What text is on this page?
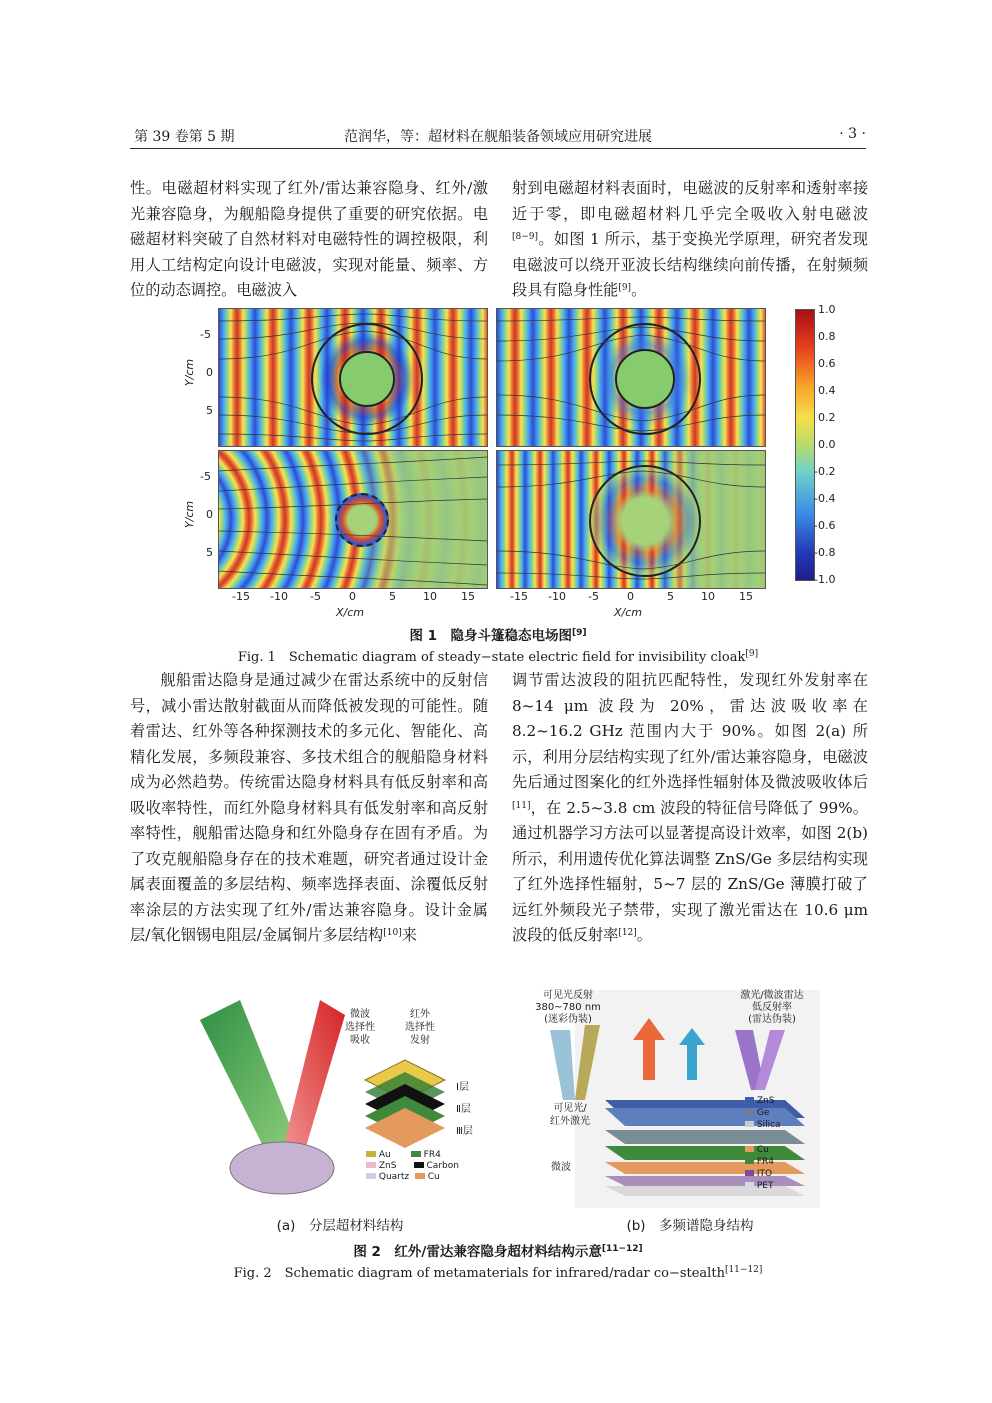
第 39 卷第 5 期	范润华，等：超材料在舰船装备领域应用研究进展	· 3 ·

性。电磁超材料实现了红外/雷达兼容隐身、红外/激光兼容隐身，为舰船隐身提供了重要的研究依据。电磁超材料突破了自然材料对电磁特性的调控极限，利用人工结构定向设计电磁波，实现对能量、频率、方位的动态调控。电磁波入

射到电磁超材料表面时，电磁波的反射率和透射率接近于零，即电磁超材料几乎完全吸收入射电磁波[8−9]。如图 1 所示，基于变换光学原理，研究者发现电磁波可以绕开亚波长结构继续向前传播，在射频频段具有隐身性能[9]。

Y/cm
Y/cm
-5
0
5
-5
0
5
-15 -10 -5	0	5 10 15
X/cm
-15 -10 -5	0	5 10 15
X/cm
1.0
0.8
0.6
0.4
0.2
0.0
-0.2
-0.4
-0.6
-0.8
-1.0
图 1　隐身斗篷稳态电场图[9]
Fig. 1　Schematic diagram of steady−state electric field for invisibility cloak[9]

舰船雷达隐身是通过减少在雷达系统中的反射信号，减小雷达散射截面从而降低被发现的可能性。随着雷达、红外等各种探测技术的多元化、智能化、高精化发展，多频段兼容、多技术组合的舰船隐身材料成为必然趋势。传统雷达隐身材料具有低反射率和高吸收率特性，而红外隐身材料具有低发射率和高反射率特性，舰船雷达隐身和红外隐身存在固有矛盾。为了攻克舰船隐身存在的技术难题，研究者通过设计金属表面覆盖的多层结构、频率选择表面、涂覆低反射率涂层的方法实现了红外/雷达兼容隐身。设计金属层/氧化铟锡电阻层/金属铜片多层结构[10]来

调节雷达波段的阻抗匹配特性，发现红外发射率在 8~14 μm 波段为 20%，雷达波吸收率在 8.2~16.2 GHz 范围内大于 90%。如图 2(a) 所示，利用分层结构实现了红外/雷达兼容隐身，电磁波先后通过图案化的红外选择性辐射体及微波吸收体后[11]，在 2.5~3.8 cm 波段的特征信号降低了 99%。通过机器学习方法可以显著提高设计效率，如图 2(b) 所示，利用遗传优化算法调整 ZnS/Ge 多层结构实现了红外选择性辐射，5~7 层的 ZnS/Ge 薄膜打破了远红外频段光子禁带，实现了激光雷达在 10.6 μm 波段的低反射率[12]。

微波
选择性
吸收
红外
选择性
发射
Ⅰ层
Ⅱ层
Ⅲ层
Au	FR4
ZnS	Carbon
Quartz Cu
(a)　分层超材料结构
可见光反射
380~780 nm
(迷彩伪装)
激光/微波雷达
低反射率
(雷达伪装)
可见光/
红外激光
微波
ZnS
Ge
Silica
Cu
FR4
ITO
PET
(b)　多频谱隐身结构
图 2　红外/雷达兼容隐身超材料结构示意[11−12]
Fig. 2　Schematic diagram of metamaterials for infrared/radar co−stealth[11−12]
